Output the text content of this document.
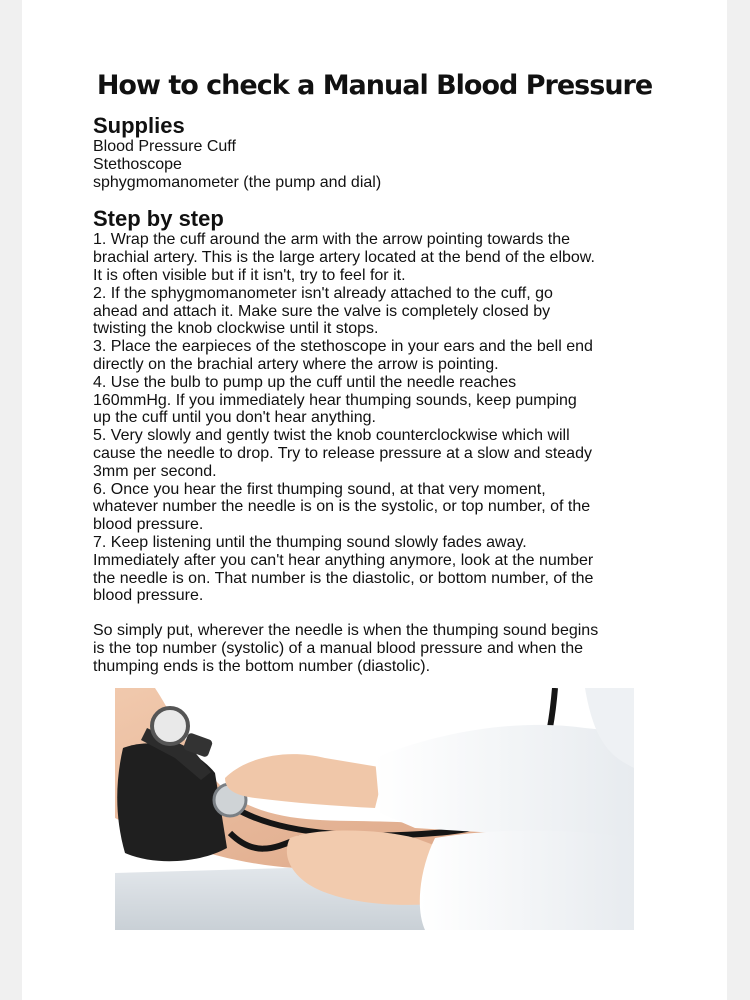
How to check a Manual Blood Pressure
Supplies
Blood Pressure Cuff
Stethoscope
sphygmomanometer (the pump and dial)
Step by step
1. Wrap the cuff around the arm with the arrow pointing towards the
brachial artery. This is the large artery located at the bend of the elbow.
It is often visible but if it isn't, try to feel for it.
2. If the sphygmomanometer isn't already attached to the cuff, go
ahead and attach it. Make sure the valve is completely closed by
twisting the knob clockwise until it stops.
3. Place the earpieces of the stethoscope in your ears and the bell end
directly on the brachial artery where the arrow is pointing.
4. Use the bulb to pump up the cuff until the needle reaches
160mmHg. If you immediately hear thumping sounds, keep pumping
up the cuff until you don't hear anything.
5. Very slowly and gently twist the knob counterclockwise which will
cause the needle to drop. Try to release pressure at a slow and steady
3mm per second.
6. Once you hear the first thumping sound, at that very moment,
whatever number the needle is on is the systolic, or top number, of the
blood pressure.
7. Keep listening until the thumping sound slowly fades away.
Immediately after you can't hear anything anymore, look at the number
the needle is on. That number is the diastolic, or bottom number, of the
blood pressure.
So simply put, wherever the needle is when the thumping sound begins
is the top number (systolic) of a manual blood pressure and when the
thumping ends is the bottom number (diastolic).
